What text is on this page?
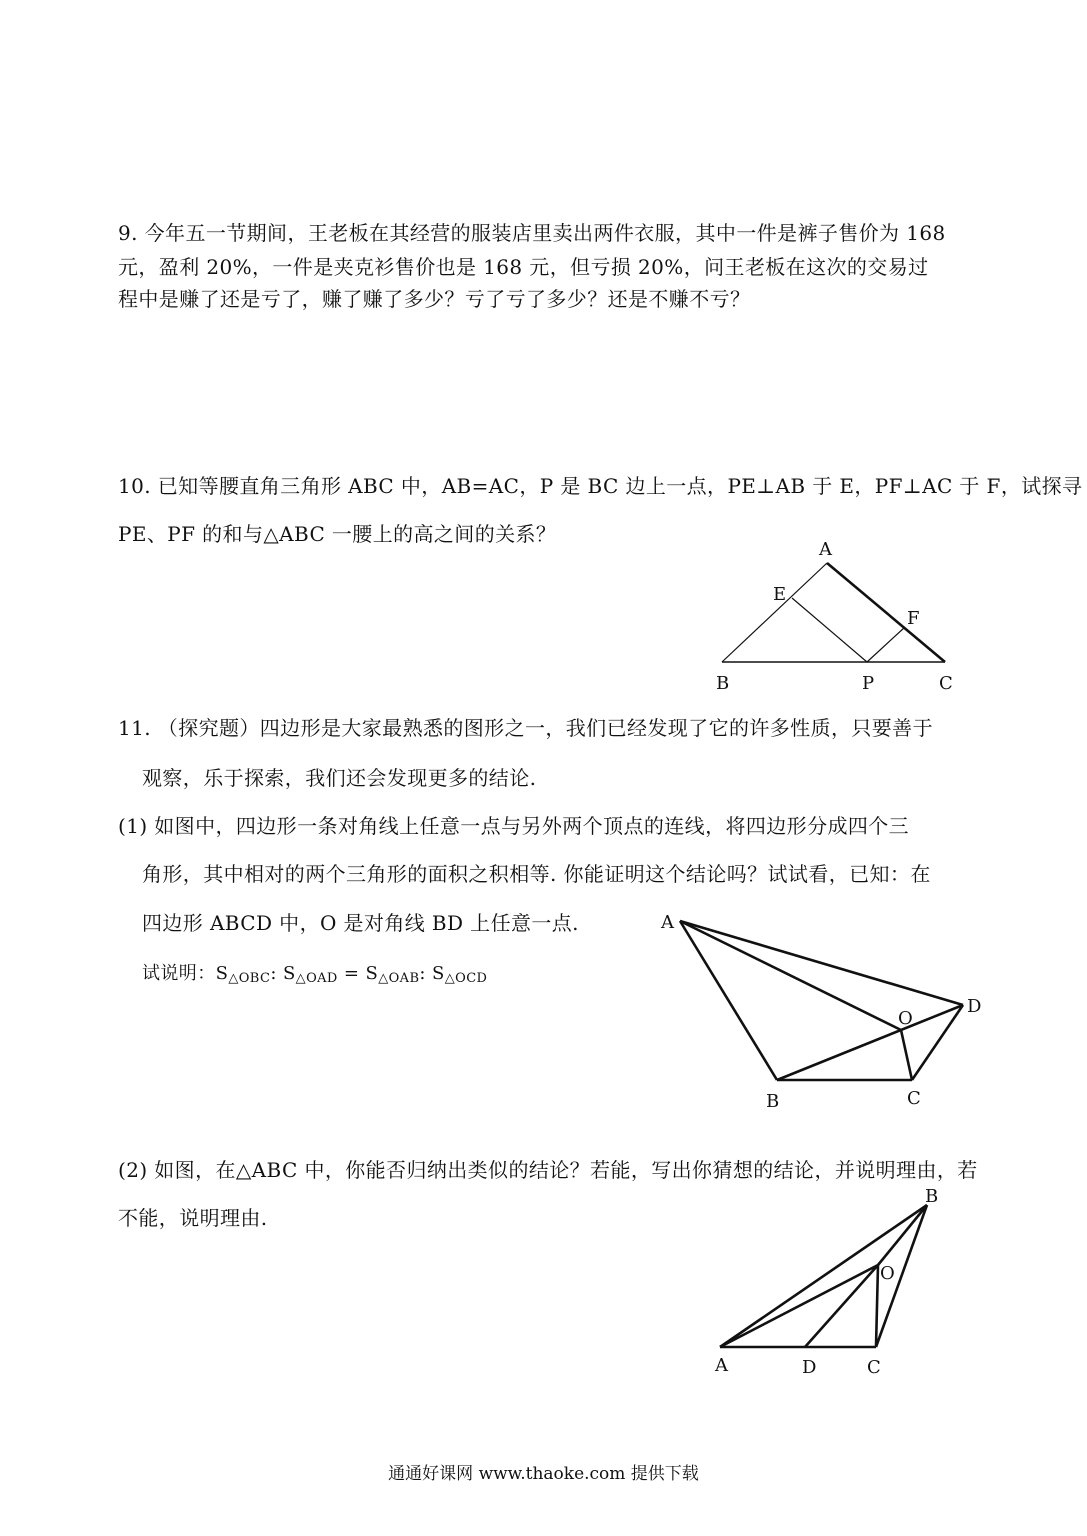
9. 今年五一节期间，王老板在其经营的服装店里卖出两件衣服，其中一件是裤子售价为 168
元，盈利 20%，一件是夹克衫售价也是 168 元，但亏损 20%，问王老板在这次的交易过
程中是赚了还是亏了，赚了赚了多少？亏了亏了多少？还是不赚不亏？
10. 已知等腰直角三角形 ABC 中，AB=AC，P 是 BC 边上一点，PE⊥AB 于 E，PF⊥AC 于 F，试探寻
PE、PF 的和与△ABC 一腰上的高之间的关系？
A
E
F
B	P	C
11. （探究题）四边形是大家最熟悉的图形之一，我们已经发现了它的许多性质，只要善于
观察，乐于探索，我们还会发现更多的结论.
(1) 如图中，四边形一条对角线上任意一点与另外两个顶点的连线，将四边形分成四个三
角形，其中相对的两个三角形的面积之积相等. 你能证明这个结论吗？试试看，已知：在
四边形 ABCD 中，O 是对角线 BD 上任意一点.
试说明：$S_{\triangle OBC}$: $S_{\triangle OAD} = S_{\triangle OAB}$: $S_{\triangle OCD}$
A
O
D
B	C
(2) 如图，在△ABC 中，你能否归纳出类似的结论？若能，写出你猜想的结论，并说明理由，若
不能，说明理由.
B
O
A	D	C
通通好课网 www.thaoke.com 提供下载
